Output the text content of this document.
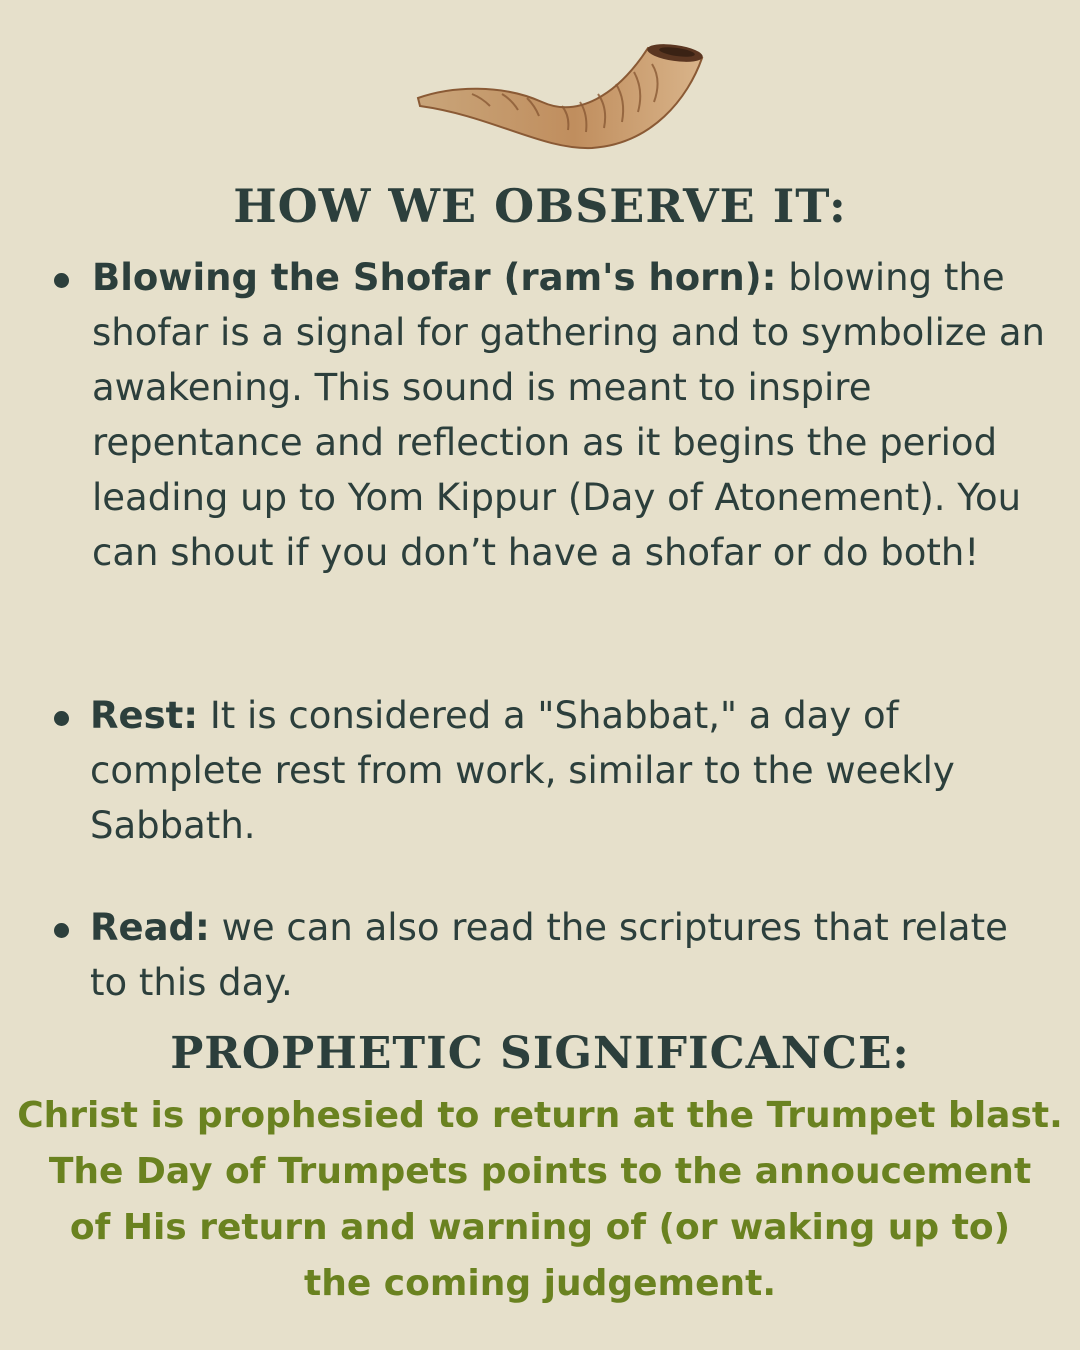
HOW WE OBSERVE IT:

Blowing the Shofar (ram's horn): blowing the shofar is a signal for gathering and to symbolize an awakening. This sound is meant to inspire repentance and reflection as it begins the period leading up to Yom Kippur (Day of Atonement). You can shout if you don’t have a shofar or do both!

Rest: It is considered a "Shabbat," a day of complete rest from work, similar to the weekly Sabbath.

Read: we can also read the scriptures that relate to this day.

PROPHETIC SIGNIFICANCE:

Christ is prophesied to return at the Trumpet blast.
The Day of Trumpets points to the annoucement
of His return and warning of (or waking up to)
the coming judgement.
